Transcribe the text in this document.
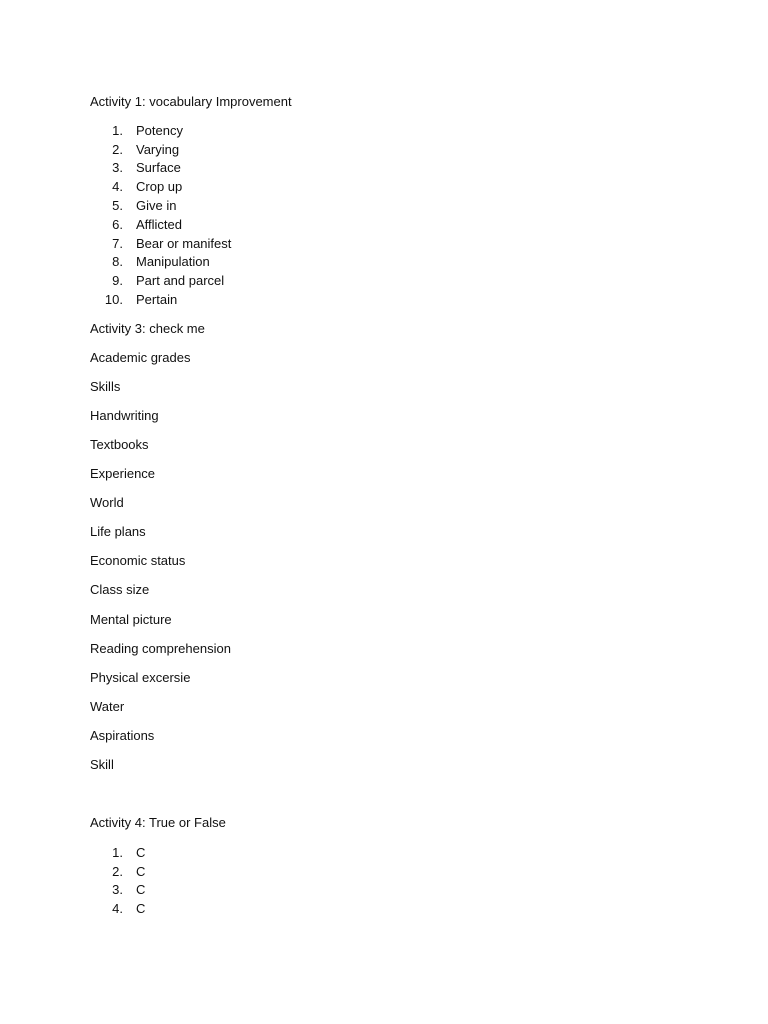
Activity 1: vocabulary Improvement
1. Potency
2. Varying
3. Surface
4. Crop up
5. Give in
6. Afflicted
7. Bear or manifest
8. Manipulation
9. Part and parcel
10. Pertain
Activity 3: check me
Academic grades
Skills
Handwriting
Textbooks
Experience
World
Life plans
Economic status
Class size
Mental picture
Reading comprehension
Physical excersie
Water
Aspirations
Skill
Activity 4: True or False
1. C
2. C
3. C
4. C
